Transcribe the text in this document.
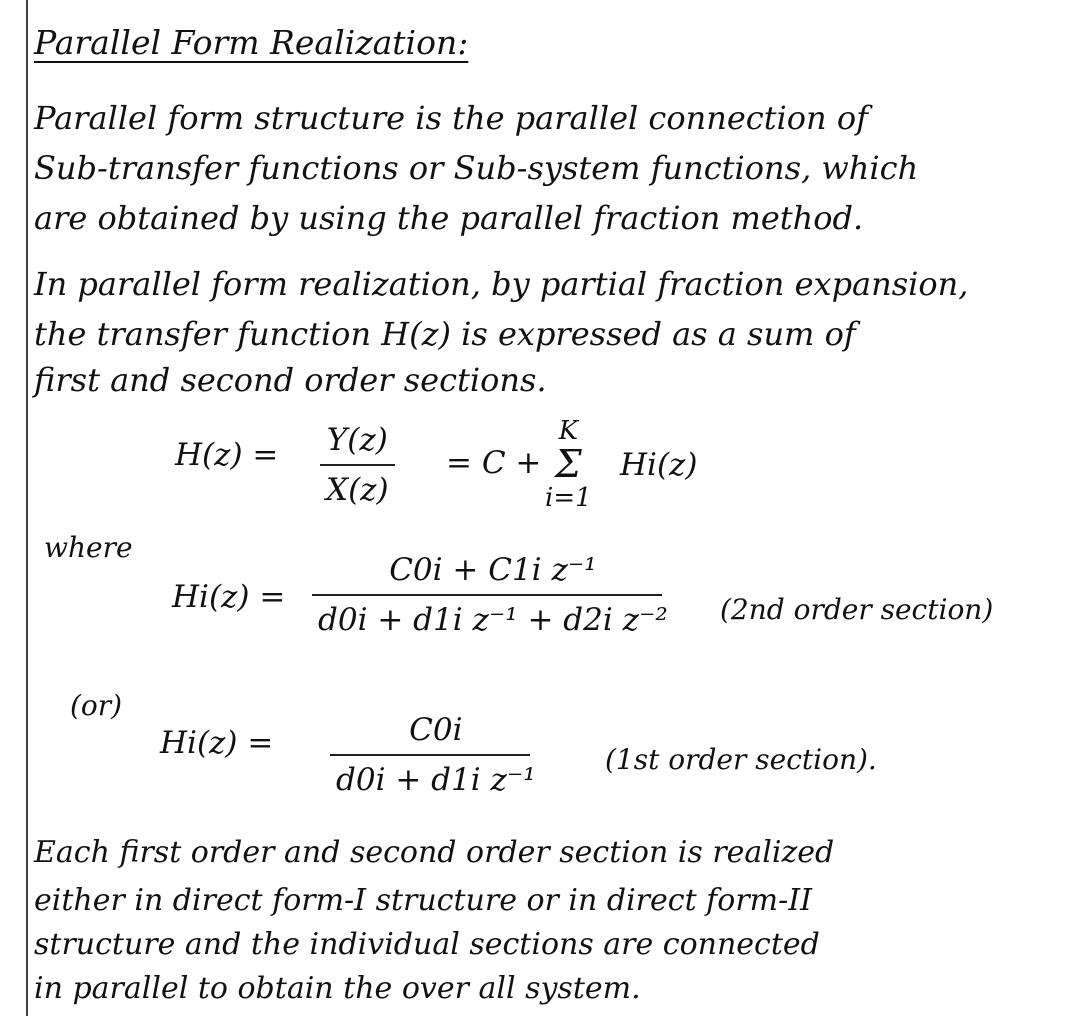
Parallel Form Realization:
Parallel form structure is the parallel connection of
Sub-transfer functions or Sub-system functions, which
are obtained by using the parallel fraction method.
In parallel form realization, by partial fraction expansion,
the transfer function H(z) is expressed as a sum of
first and second order sections.
H(z) = Y(z)
X(z)
= C +
K
Σ
i=1
Hi(z)
where
Hi(z) =
C0i + C1i z⁻¹
d0i + d1i z⁻¹ + d2i z⁻² (2nd order section)
(or)
Hi(z) =	C0i
d0i + d1i z⁻¹
(1st order section).
Each first order and second order section is realized
either in direct form-I structure or in direct form-II
structure and the individual sections are connected
in parallel to obtain the over all system.
